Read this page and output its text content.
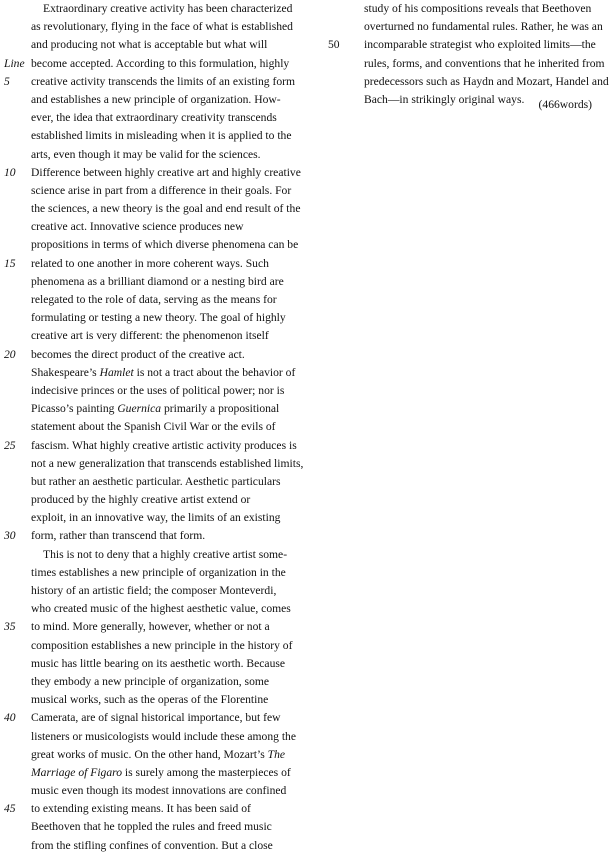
Extraordinary creative activity has been characterized
as revolutionary, flying in the face of what is established
and producing not what is acceptable but what will
Line become accepted. According to this formulation, highly
5 creative activity transcends the limits of an existing form
and establishes a new principle of organization. How-
ever, the idea that extraordinary creativity transcends
established limits in misleading when it is applied to the
arts, even though it may be valid for the sciences.
10 Difference between highly creative art and highly creative
science arise in part from a difference in their goals. For
the sciences, a new theory is the goal and end result of the
creative act. Innovative science produces new
propositions in terms of which diverse phenomena can be
15 related to one another in more coherent ways. Such
phenomena as a brilliant diamond or a nesting bird are
relegated to the role of data, serving as the means for
formulating or testing a new theory. The goal of highly
creative art is very different: the phenomenon itself
20 becomes the direct product of the creative act.
Shakespeare’s Hamlet is not a tract about the behavior of
indecisive princes or the uses of political power; nor is
Picasso’s painting Guernica primarily a propositional
statement about the Spanish Civil War or the evils of
25 fascism. What highly creative artistic activity produces is
not a new generalization that transcends established limits,
but rather an aesthetic particular. Aesthetic particulars
produced by the highly creative artist extend or
exploit, in an innovative way, the limits of an existing
30 form, rather than transcend that form.
This is not to deny that a highly creative artist some-
times establishes a new principle of organization in the
history of an artistic field; the composer Monteverdi,
who created music of the highest aesthetic value, comes
35 to mind. More generally, however, whether or not a
composition establishes a new principle in the history of
music has little bearing on its aesthetic worth. Because
they embody a new principle of organization, some
musical works, such as the operas of the Florentine
40 Camerata, are of signal historical importance, but few
listeners or musicologists would include these among the
great works of music. On the other hand, Mozart’s The
Marriage of Figaro is surely among the masterpieces of
music even though its modest innovations are confined
45 to extending existing means. It has been said of
Beethoven that he toppled the rules and freed music
from the stifling confines of convention. But a close
study of his compositions reveals that Beethoven
overturned no fundamental rules. Rather, he was an
50 incomparable strategist who exploited limits—the
rules, forms, and conventions that he inherited from
predecessors such as Haydn and Mozart, Handel and
Bach—in strikingly original ways. (466words)
